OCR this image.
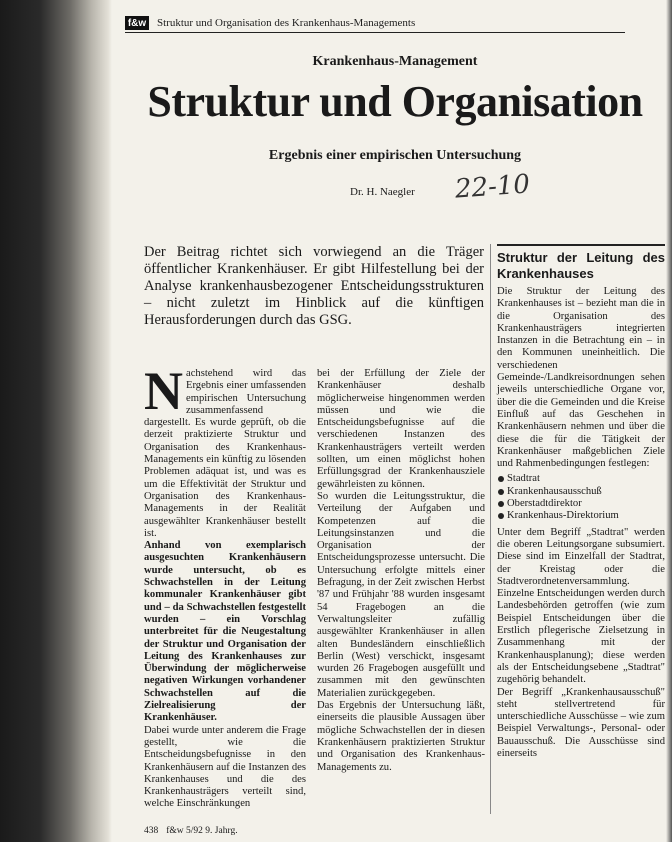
f&w Struktur und Organisation des Krankenhaus-Managements
Krankenhaus-Management
Struktur und Organisation
Ergebnis einer empirischen Untersuchung
Dr. H. Naegler 22-10
Der Beitrag richtet sich vorwiegend an die Träger öffentlicher Krankenhäuser. Er gibt Hilfestellung bei der Analyse krankenhausbezogener Entscheidungsstrukturen – nicht zuletzt im Hinblick auf die künftigen Herausforderungen durch das GSG.

N achstehend wird das Ergebnis einer umfassenden empirischen Untersuchung zusammenfassend dargestellt. Es wurde geprüft, ob die derzeit praktizierte Struktur und Organisation des Krankenhaus-Managements ein künftig zu lösenden Problemen adäquat ist, und was es um die Effektivität der Struktur und Organisation des Krankenhaus-Managements in der Realität ausgewählter Krankenhäuser bestellt ist.

Anhand von exemplarisch ausgesuchten Krankenhäusern wurde untersucht, ob es Schwachstellen in der Leitung kommunaler Krankenhäuser gibt und – da Schwachstellen festgestellt wurden – ein Vorschlag unterbreitet für die Neugestaltung der Struktur und Organisation der Leitung des Krankenhauses zur Überwindung der möglicherweise negativen Wirkungen vorhandener Schwachstellen auf die Zielrealisierung der Krankenhäuser.

Dabei wurde unter anderem die Frage gestellt, wie die Entscheidungsbefugnisse in den Krankenhäusern auf die Instanzen des Krankenhauses und die des Krankenhausträgers verteilt sind, welche Einschränkungen

bei der Erfüllung der Ziele der Krankenhäuser deshalb möglicherweise hingenommen werden müssen und wie die Entscheidungsbefugnisse auf die verschiedenen Instanzen des Krankenhausträgers verteilt werden sollten, um einen möglichst hohen Erfüllungsgrad der Krankenhausziele gewährleisten zu können.

So wurden die Leitungsstruktur, die Verteilung der Aufgaben und Kompetenzen auf die Leitungsinstanzen und die Organisation der Entscheidungsprozesse untersucht. Die Untersuchung erfolgte mittels einer Befragung, in der Zeit zwischen Herbst '87 und Frühjahr '88 wurden insgesamt 54 Fragebogen an die Verwaltungsleiter zufällig ausgewählter Krankenhäuser in allen alten Bundesländern einschließlich Berlin (West) verschickt, insgesamt wurden 26 Fragebogen ausgefüllt und zusammen mit den gewünschten Materialien zurückgegeben.

Das Ergebnis der Untersuchung läßt, einerseits die plausible Aussagen über mögliche Schwachstellen der in diesen Krankenhäusern praktizierten Struktur und Organisation des Krankenhaus-Managements zu.

Struktur der Leitung des Krankenhauses

Die Struktur der Leitung des Krankenhauses ist – bezieht man die in die Organisation des Krankenhausträgers integrierten Instanzen in die Betrachtung ein – in den Kommunen uneinheitlich. Die verschiedenen Gemeinde-/Landkreisordnungen sehen jeweils unterschiedliche Organe vor, über die die Gemeinden und die Kreise Einfluß auf das Geschehen in Krankenhäusern nehmen und über die diese die für die Tätigkeit der Krankenhäuser maßgeblichen Ziele und Rahmenbedingungen festlegen:

Stadtrat
Krankenhausausschuß
Oberstadtdirektor
Krankenhaus-Direktorium

Unter dem Begriff „Stadtrat" werden die oberen Leitungsorgane subsumiert. Diese sind im Einzelfall der Stadtrat, der Kreistag oder die Stadtverordnetenversammlung. Einzelne Entscheidungen werden durch Landesbehörden getroffen (wie zum Beispiel Entscheidungen über die Erstlich pflegerische Zielsetzung in Zusammenhang mit der Krankenhausplanung); diese werden als der Entscheidungsebene „Stadtrat" zugehörig behandelt.

Der Begriff „Krankenhausausschuß" steht stellvertretend für unterschiedliche Ausschüsse – wie zum Beispiel Verwaltungs-, Personal- oder Bauausschuß. Die Ausschüsse sind einerseits

438 f&w 5/92 9. Jahrg.
